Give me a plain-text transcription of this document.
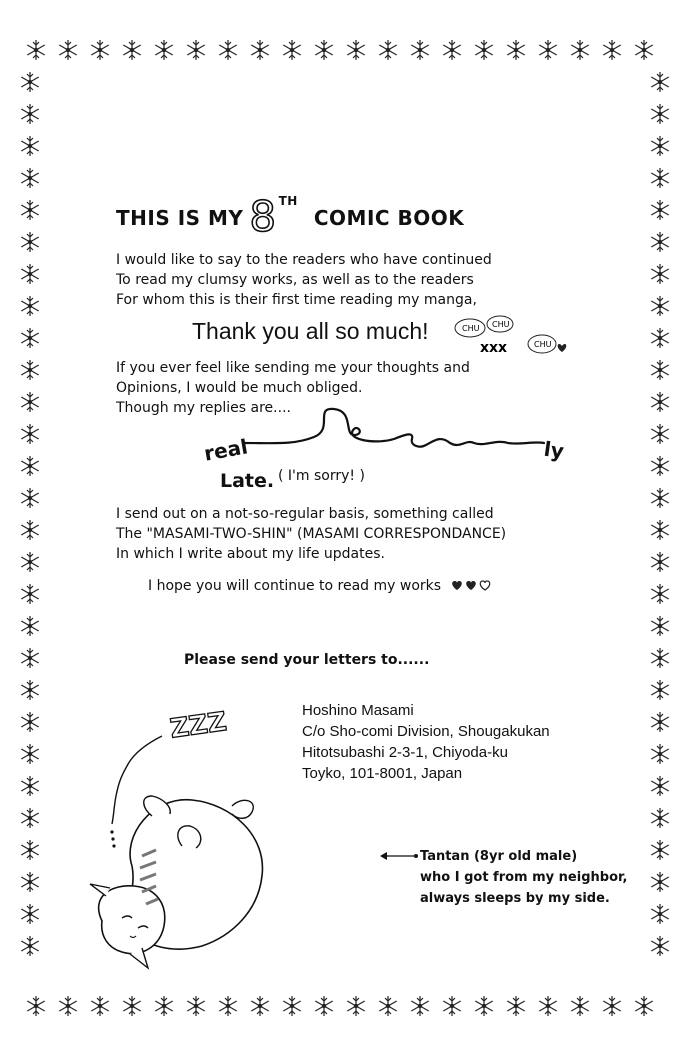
THIS IS MY 8 $^{TH}$COMIC BOOK
I would like to say to the readers who have continued
To read my clumsy works, as well as to the readers
For whom this is their first time reading my manga,
Thank you all so much!	CHU CHU
CHU
xxx
If you ever feel like sending me your thoughts and
Opinions, I would be much obliged.
Though my replies are....
real	ly
Late. ( I'm sorry! )
I send out on a not-so-regular basis, something called
The "MASAMI-TWO-SHIN" (MASAMI CORRESPONDANCE)
In which I write about my life updates.
I hope you will continue to read my works
Please send your letters to......
Hoshino Masami
C/o Sho-comi Division, Shougakukan
Hitotsubashi 2-3-1, Chiyoda-ku
Toyko, 101-8001, Japan
ZZZ
Tantan (8yr old male)
who I got from my neighbor,
always sleeps by my side.
